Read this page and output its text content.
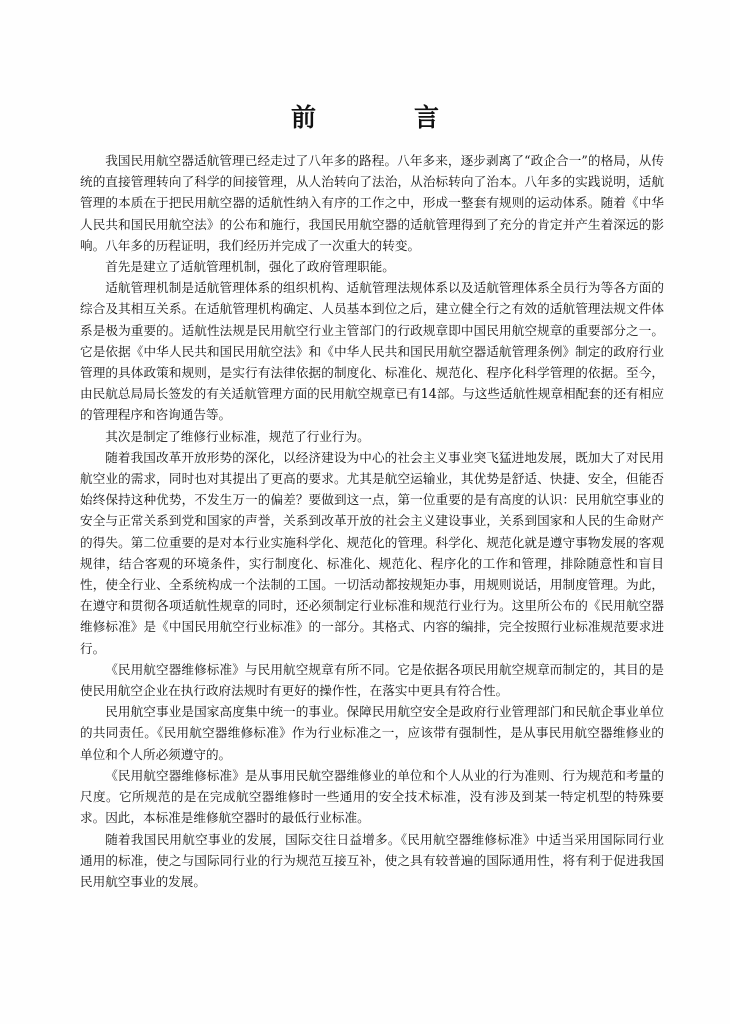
前	言

我国民用航空器适航管理已经走过了八年多的路程。八年多来，逐步剥离了“政企合一”的格局，从传统的直接管理转向了科学的间接管理，从人治转向了法治，从治标转向了治本。八年多的实践说明，适航管理的本质在于把民用航空器的适航性纳入有序的工作之中，形成一整套有规则的运动体系。随着《中华人民共和国民用航空法》的公布和施行，我国民用航空器的适航管理得到了充分的肯定并产生着深远的影响。八年多的历程证明，我们经历并完成了一次重大的转变。

首先是建立了适航管理机制，强化了政府管理职能。

适航管理机制是适航管理体系的组织机构、适航管理法规体系以及适航管理体系全员行为等各方面的综合及其相互关系。在适航管理机构确定、人员基本到位之后，建立健全行之有效的适航管理法规文件体系是极为重要的。适航性法规是民用航空行业主管部门的行政规章即中国民用航空规章的重要部分之一。它是依据《中华人民共和国民用航空法》和《中华人民共和国民用航空器适航管理条例》制定的政府行业管理的具体政策和规则，是实行有法律依据的制度化、标准化、规范化、程序化科学管理的依据。至今，由民航总局局长签发的有关适航管理方面的民用航空规章已有14部。与这些适航性规章相配套的还有相应的管理程序和咨询通告等。

其次是制定了维修行业标准，规范了行业行为。

随着我国改革开放形势的深化，以经济建设为中心的社会主义事业突飞猛进地发展，既加大了对民用航空业的需求，同时也对其提出了更高的要求。尤其是航空运输业，其优势是舒适、快捷、安全，但能否始终保持这种优势，不发生万一的偏差？要做到这一点，第一位重要的是有高度的认识：民用航空事业的安全与正常关系到党和国家的声誉，关系到改革开放的社会主义建设事业，关系到国家和人民的生命财产的得失。第二位重要的是对本行业实施科学化、规范化的管理。科学化、规范化就是遵守事物发展的客观规律，结合客观的环境条件，实行制度化、标准化、规范化、程序化的工作和管理，排除随意性和盲目性，使全行业、全系统构成一个法制的工国。一切活动都按规矩办事，用规则说话，用制度管理。为此，在遵守和贯彻各项适航性规章的同时，还必须制定行业标准和规范行业行为。这里所公布的《民用航空器维修标准》是《中国民用航空行业标准》的一部分。其格式、内容的编排，完全按照行业标准规范要求进行。

《民用航空器维修标准》与民用航空规章有所不同。它是依据各项民用航空规章而制定的，其目的是使民用航空企业在执行政府法规时有更好的操作性，在落实中更具有符合性。

民用航空事业是国家高度集中统一的事业。保障民用航空安全是政府行业管理部门和民航企事业单位的共同责任。《民用航空器维修标准》作为行业标准之一，应该带有强制性，是从事民用航空器维修业的单位和个人所必须遵守的。

《民用航空器维修标准》是从事用民航空器维修业的单位和个人从业的行为准则、行为规范和考量的尺度。它所规范的是在完成航空器维修时一些通用的安全技术标准，没有涉及到某一特定机型的特殊要求。因此，本标准是维修航空器时的最低行业标准。

随着我国民用航空事业的发展，国际交往日益增多。《民用航空器维修标准》中适当采用国际同行业通用的标准，使之与国际同行业的行为规范互接互补，使之具有较普遍的国际通用性，将有利于促进我国民用航空事业的发展。
